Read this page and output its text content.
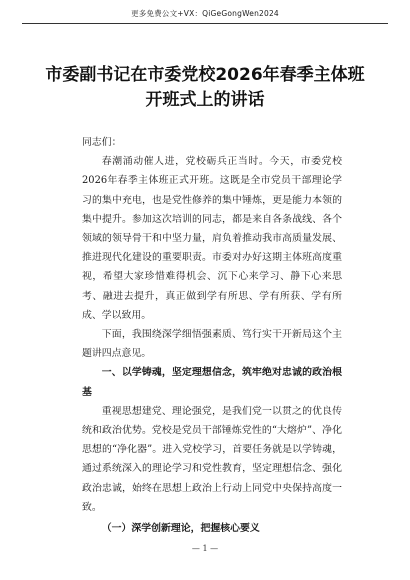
更多免费公文+VX：QiGeGongWen2024
市委副书记在市委党校2026年春季主体班开班式上的讲话

同志们：

春潮涌动催人进，党校砺兵正当时。今天，市委党校2026年春季主体班正式开班。这既是全市党员干部理论学习的集中充电，也是党性修养的集中锤炼，更是能力本领的集中提升。参加这次培训的同志，都是来自各条战线、各个领域的领导骨干和中坚力量，肩负着推动我市高质量发展、推进现代化建设的重要职责。市委对办好这期主体班高度重视，希望大家珍惜难得机会、沉下心来学习、静下心来思考、融进去提升，真正做到学有所思、学有所获、学有所成、学以致用。

下面，我围绕深学细悟强素质、笃行实干开新局这个主题讲四点意见。

一、以学铸魂，坚定理想信念，筑牢绝对忠诚的政治根基

重视思想建党、理论强党，是我们党一以贯之的优良传统和政治优势。党校是党员干部锤炼党性的“大熔炉”、净化思想的“净化器”。进入党校学习，首要任务就是以学铸魂，通过系统深入的理论学习和党性教育，坚定理想信念、强化政治忠诚，始终在思想上政治上行动上同党中央保持高度一致。

（一）深学创新理论，把握核心要义

— 1 —
